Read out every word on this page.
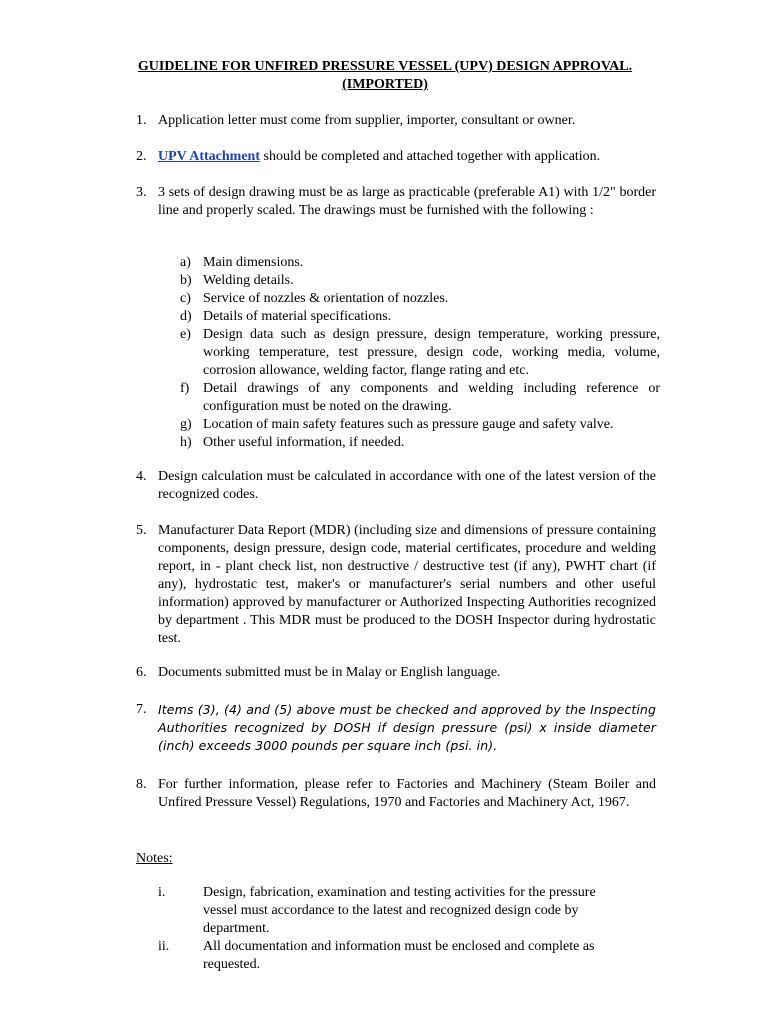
GUIDELINE FOR UNFIRED PRESSURE VESSEL (UPV) DESIGN APPROVAL.
(IMPORTED)
1. Application letter must come from supplier, importer, consultant or owner.
2. UPV Attachment should be completed and attached together with application.
3. 3 sets of design drawing must be as large as practicable (preferable A1) with 1/2" border line and properly scaled. The drawings must be furnished with the following :
a) Main dimensions.
b) Welding details.
c) Service of nozzles & orientation of nozzles.
d) Details of material specifications.
e) Design data such as design pressure, design temperature, working pressure, working temperature, test pressure, design code, working media, volume, corrosion allowance, welding factor, flange rating and etc.
f) Detail drawings of any components and welding including reference or configuration must be noted on the drawing.
g) Location of main safety features such as pressure gauge and safety valve.
h) Other useful information, if needed.
4. Design calculation must be calculated in accordance with one of the latest version of the recognized codes.
5. Manufacturer Data Report (MDR) (including size and dimensions of pressure containing components, design pressure, design code, material certificates, procedure and welding report, in - plant check list, non destructive / destructive test (if any), PWHT chart (if any), hydrostatic test, maker's or manufacturer's serial numbers and other useful information) approved by manufacturer or Authorized Inspecting Authorities recognized by department . This MDR must be produced to the DOSH Inspector during hydrostatic test.
6. Documents submitted must be in Malay or English language.
7. Items (3), (4) and (5) above must be checked and approved by the Inspecting Authorities recognized by DOSH if design pressure (psi) x inside diameter (inch) exceeds 3000 pounds per square inch (psi. in).
8. For further information, please refer to Factories and Machinery (Steam Boiler and Unfired Pressure Vessel) Regulations, 1970 and Factories and Machinery Act, 1967.
Notes:
i.	Design, fabrication, examination and testing activities for the pressure vessel must accordance to the latest and recognized design code by department.
ii. All documentation and information must be enclosed and complete as requested.
